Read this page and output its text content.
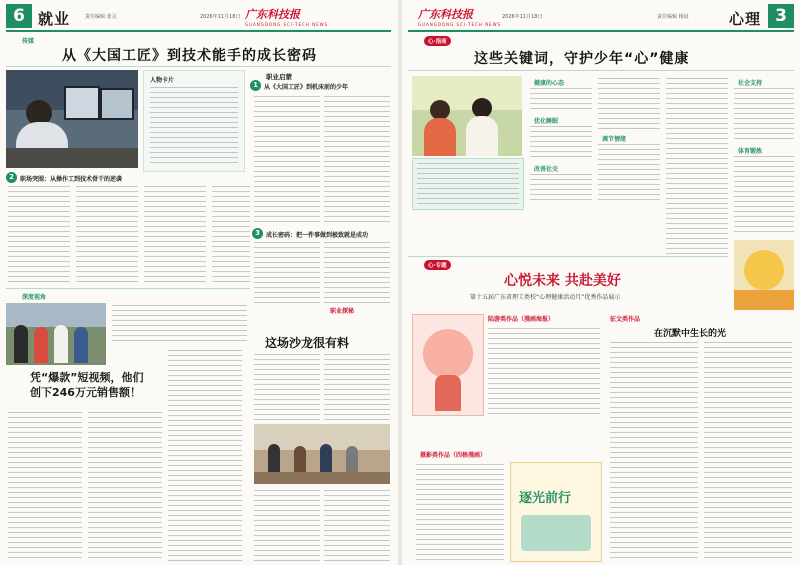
6 就业	责任编辑 张灵	2026年11月18日 广东科技报
GUANGDONG SCI-TECH NEWS
传媒
从《大国工匠》到技术能手的成长密码
人物卡片	职业启蒙
1	从《大国工匠》到机床前的少年
2	职场突围：从操作工到技术骨干的逆袭
3	成长密码：把一件事做到极致就是成功
深度视角
凭“爆款”短视频，他们创下246万元销售额！
职业探秘
这场沙龙很有料
广东科技报
GUANGDONG SCI-TECH NEWS
2026年11月18日	责任编辑 杨晨	心理 3
心·指南
这些关键词，守护少年“心”健康
健康的心态
优化睡眠
改善社交
调节情绪
社会支持
体育锻炼
心·专题
心悦未来 共赴美好
第十五届广东省理工类校“心理健康活动月”优秀作品展示
陆游类作品（漫画海报）
摄影类作品（四格漫画）
逐光前行
征文类作品
在沉默中生长的光
